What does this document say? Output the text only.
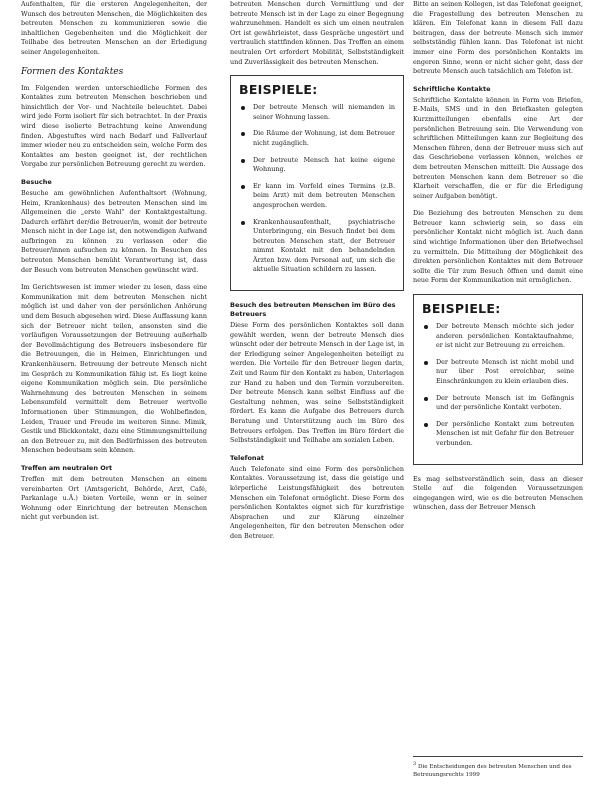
Aufenthalten, für die ersteren Angelegenheiten, der Wunsch des betreuten Menschen, die Möglichkeiten des betreuten Menschen zu kommunizieren sowie die inhaltlichen Gegebenheiten und die Möglichkeit der Teilhabe des betreuten Menschen an der Erledigung seiner Angelegenheiten.

Formen des Kontaktes

Im Folgenden werden unterschiedliche Formen des Kontaktes zum betreuten Menschen beschrieben und hinsichtlich der Vor- und Nachteile beleuchtet. Dabei wird jede Form isoliert für sich betrachtet. In der Praxis wird diese isolierte Betrachtung keine Anwendung finden. Abgestuftes wird nach Bedarf und Fallverlauf immer wieder neu zu entscheiden sein, welche Form des Kontaktes am besten geeignet ist, der rechtlichen Vorgabe zur persönlichen Betreuung gerecht zu werden.

Besuche

Besuche am gewöhnlichen Aufenthaltsort (Wohnung, Heim, Krankenhaus) des betreuten Menschen sind im Allgemeinen die „erste Wahl“ der Kontaktgestaltung. Dadurch erfährt der/die Betreuer/in, womit der betreute Mensch nicht in der Lage ist, den notwendigen Aufwand aufbringen zu können zu verlassen oder die Betreuer/innen aufsuchen zu können. In Besuchen des betreuten Menschen bemüht Verantwortung ist, dass der Besuch vom betreuten Menschen gewünscht wird.

Im Gerichtswesen ist immer wieder zu lesen, dass eine Kommunikation mit dem betreuten Menschen nicht möglich ist und daher von der persönlichen Anhörung und dem Besuch abgesehen wird. Diese Auffassung kann sich der Betreuer nicht teilen, ansonsten sind die vorläufigen Voraussetzungen der Betreuung außerhalb der Bevollmächtigung des Betreuers insbesondere für die Betreuungen, die in Heimen, Einrichtungen und Krankenhäusern. Betreuung der betreute Mensch nicht im Gespräch zu Kommunikation fähig ist. Es liegt keine eigene Kommunikation möglich sein. Die persönliche Wahrnehmung des betreuten Menschen in seinem Lebensumfeld vermittelt dem Betreuer wertvolle Informationen über Stimmungen, die Wohlbefinden, Leiden, Trauer und Freude im weiteren Sinne. Mimik, Gestik und Blickkontakt, dazu eine Stimmungsmitteilung an den Betreuer zu, mit den Bedürfnissen des betreuten Menschen bedeutsam sein können.

Treffen am neutralen Ort

Treffen mit dem betreuten Menschen an einem vereinbarten Ort (Amtsgericht, Behörde, Arzt, Café, Parkanlage u.Ä.) bieten Vorteile, wenn er in seiner Wohnung oder Einrichtung der betreuten Menschen nicht gut verbunden ist.

betreuten Menschen durch Vermittlung und der betreute Mensch ist in der Lage zu einer Begegnung wahrzunehmen. Handelt es sich um einen neutralen Ort ist gewährleistet, dass Gespräche ungestört und vertraulich stattfinden können. Das Treffen an einem neutralen Ort erfordert Mobilität, Selbstständigkeit und Zuverlässigkeit des betreuten Menschen.

BEISPIELE:
Der betreute Mensch will niemanden in seiner Wohnung lassen.
Die Räume der Wohnung, ist dem Betreuer nicht zugänglich.
Der betreute Mensch hat keine eigene Wohnung.
Er kann im Vorfeld eines Termins (z.B. beim Arzt) mit dem betreuten Menschen angesprochen werden.
Krankenhausaufenthalt, psychiatrische Unterbringung, ein Besuch findet bei dem betreuten Menschen statt, der Betreuer nimmt Kontakt mit den behandelnden Ärzten bzw. dem Personal auf, um sich die aktuelle Situation schildern zu lassen.
Besuch des betreuten Menschen im Büro des Betreuers

Diese Form des persönlichen Kontaktes soll dann gewählt werden, wenn der betreute Mensch dies wünscht oder der betreute Mensch in der Lage ist, in der Erledigung seiner Angelegenheiten beteiligt zu werden. Die Vorteile für den Betreuer liegen darin, Zeit und Raum für den Kontakt zu haben, Unterlagen zur Hand zu haben und den Termin vorzubereiten. Der betreute Mensch kann selbst Einfluss auf die Gestaltung nehmen, was seine Selbstständigkeit fördert. Es kann die Aufgabe des Betreuers durch Beratung und Unterstützung auch im Büro des Betreuers erfolgen. Das Treffen im Büro fördert die Selbstständigkeit und Teilhabe am sozialen Leben.

Telefonat

Auch Telefonate sind eine Form des persönlichen Kontaktes. Voraussetzung ist, dass die geistige und körperliche Leistungsfähigkeit des betreuten Menschen ein Telefonat ermöglicht. Diese Form des persönlichen Kontaktes eignet sich für kurzfristige Absprachen und zur Klärung einzelner Angelegenheiten, für den betreuten Menschen oder den Betreuer.

Bitte an seinen Kollegen, ist das Telefonat geeignet, die Fragestellung des betreuten Menschen zu klären. Ein Telefonat kann in diesem Fall dazu beitragen, dass der betreute Mensch sich immer selbstständig fühlen kann. Das Telefonat ist nicht immer eine Form des persönlichen Kontakts im engeren Sinne, wenn er nicht sicher geht, dass der betreute Mensch auch tatsächlich am Telefon ist.

Schriftliche Kontakte

Schriftliche Kontakte können in Form von Briefen, E-Mails, SMS und in den Briefkasten gelegten Kurzmitteilungen ebenfalls eine Art der persönlichen Betreuung sein. Die Verwendung von schriftlichen Mitteilungen kann zur Begleitung des Menschen führen, denn der Betreuer muss sich auf das Geschriebene verlassen können, welches er dem betreuten Menschen mitteilt. Die Aussage des betreuten Menschen kann dem Betreuer so die Klarheit verschaffen, die er für die Erledigung seiner Aufgaben benötigt.

Die Beziehung des betreuten Menschen zu dem Betreuer kann schwierig sein, so dass ein persönlicher Kontakt nicht möglich ist. Auch dann sind wichtige Informationen über den Briefwechsel zu vermitteln. Die Mitteilung der Möglichkeit des direkten persönlichen Kontaktes mit dem Betreuer sollte die Tür zum Besuch öffnen und damit eine neue Form der Kommunikation mit ermöglichen.

BEISPIELE:
Der betreute Mensch möchte sich jeder anderen persönlichen Kontaktaufnahme, er ist nicht zur Betreuung zu erreichen.
Der betreute Mensch ist nicht mobil und nur über Post erreichbar, seine Einschränkungen zu klein erlauben dies.
Der betreute Mensch ist im Gefängnis und der persönliche Kontakt verboten.
Der persönliche Kontakt zum betreuten Menschen ist mit Gefahr für den Betreuer verbunden.

Es mag selbstverständlich sein, dass an dieser Stelle auf die folgenden Voraussetzungen eingegangen wird, wie es die betreuten Menschen wünschen, dass der Betreuer Mensch

3 Die Entscheidungen des betreuten Menschen und des Betreuungsrechts 1999
